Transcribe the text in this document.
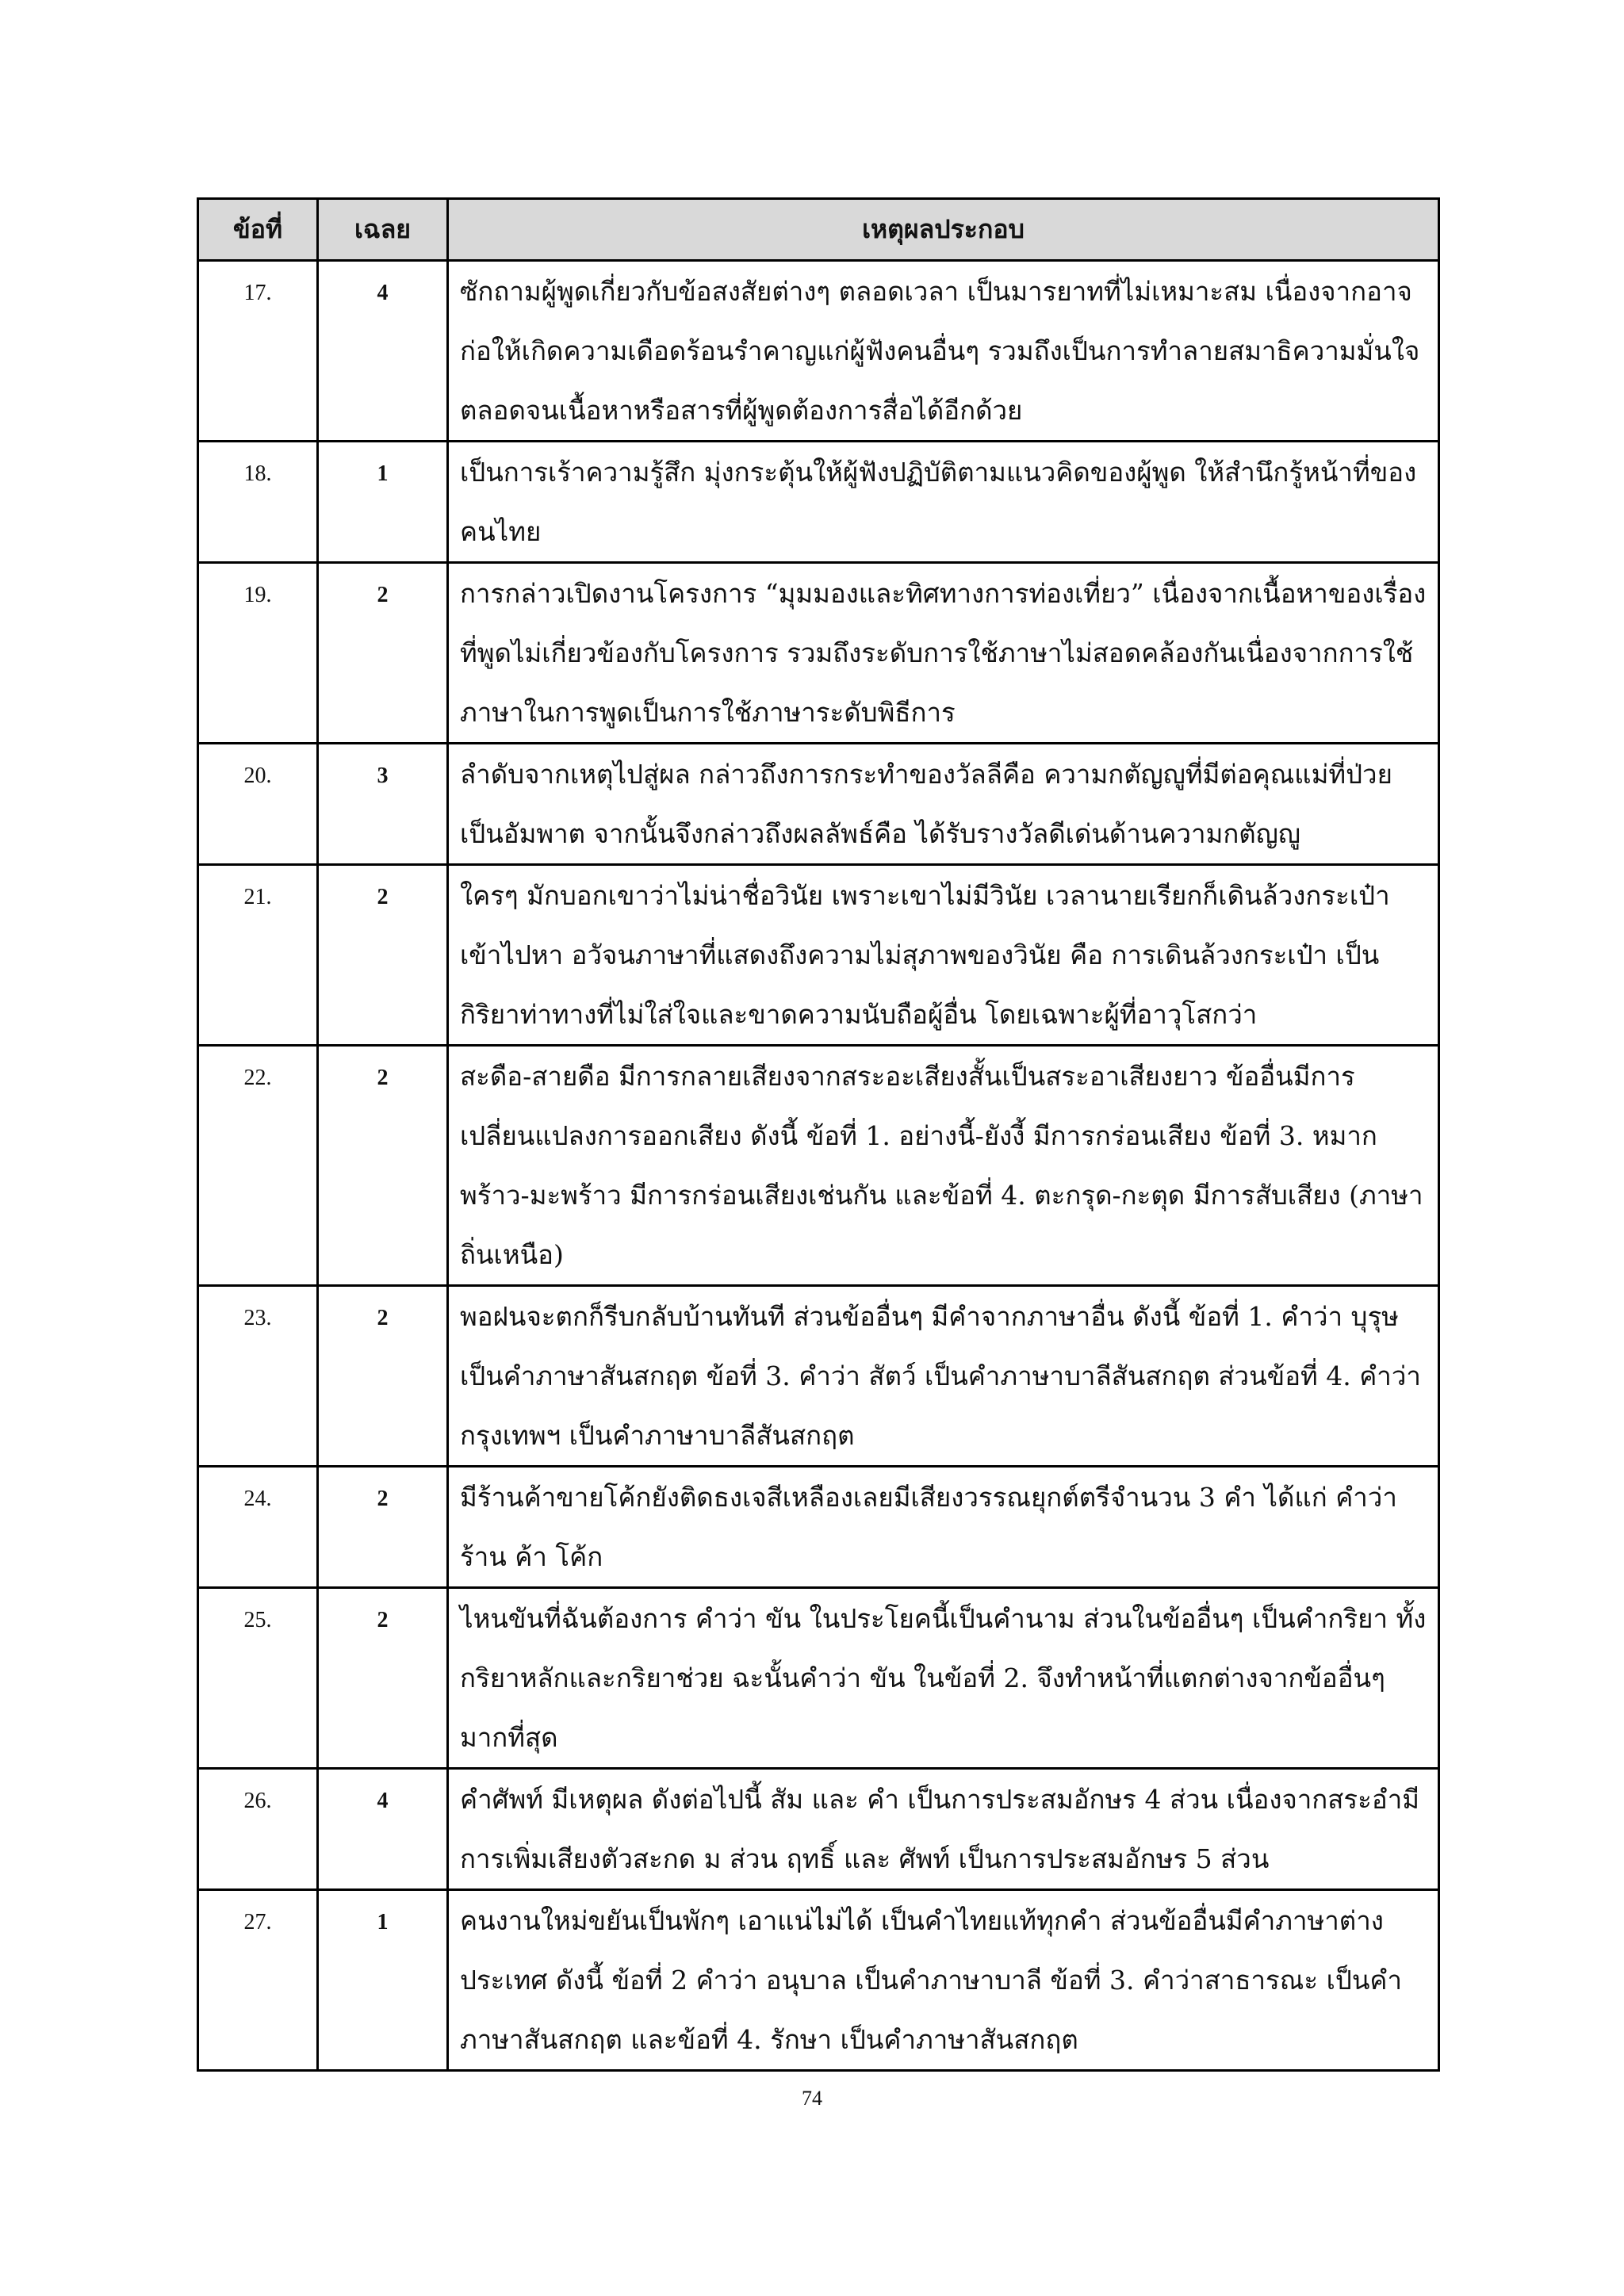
ข้อที่	เฉลย	เหตุผลประกอบ
17.	4	ซักถามผู้พูดเกี่ยวกับข้อสงสัยต่างๆ ตลอดเวลา เป็นมารยาทที่ไม่เหมาะสม เนื่องจากอาจก่อให้เกิดความเดือดร้อนรำคาญแก่ผู้ฟังคนอื่นๆ รวมถึงเป็นการทำลายสมาธิความมั่นใจ ตลอดจนเนื้อหาหรือสารที่ผู้พูดต้องการสื่อได้อีกด้วย
18.	1	เป็นการเร้าความรู้สึก มุ่งกระตุ้นให้ผู้ฟังปฏิบัติตามแนวคิดของผู้พูด ให้สำนึกรู้หน้าที่ของคนไทย
19.	2	การกล่าวเปิดงานโครงการ “มุมมองและทิศทางการท่องเที่ยว” เนื่องจากเนื้อหาของเรื่องที่พูดไม่เกี่ยวข้องกับโครงการ รวมถึงระดับการใช้ภาษาไม่สอดคล้องกันเนื่องจากการใช้ภาษาในการพูดเป็นการใช้ภาษาระดับพิธีการ
20.	3	ลำดับจากเหตุไปสู่ผล กล่าวถึงการกระทำของวัลลีคือ ความกตัญญูที่มีต่อคุณแม่ที่ป่วยเป็นอัมพาต จากนั้นจึงกล่าวถึงผลลัพธ์คือ ได้รับรางวัลดีเด่นด้านความกตัญญู
21.	2	ใครๆ มักบอกเขาว่าไม่น่าชื่อวินัย เพราะเขาไม่มีวินัย เวลานายเรียกก็เดินล้วงกระเป๋าเข้าไปหา อวัจนภาษาที่แสดงถึงความไม่สุภาพของวินัย คือ การเดินล้วงกระเป๋า เป็นกิริยาท่าทางที่ไม่ใส่ใจและขาดความนับถือผู้อื่น โดยเฉพาะผู้ที่อาวุโสกว่า
22.	2	สะดือ-สายดือ มีการกลายเสียงจากสระอะเสียงสั้นเป็นสระอาเสียงยาว ข้ออื่นมีการเปลี่ยนแปลงการออกเสียง ดังนี้ ข้อที่ 1. อย่างนี้-ยังงี้ มีการกร่อนเสียง ข้อที่ 3. หมากพร้าว-มะพร้าว มีการกร่อนเสียงเช่นกัน และข้อที่ 4. ตะกรุด-กะตุด มีการสับเสียง (ภาษาถิ่นเหนือ)
23.	2	พอฝนจะตกก็รีบกลับบ้านทันที ส่วนข้ออื่นๆ มีคำจากภาษาอื่น ดังนี้ ข้อที่ 1. คำว่า บุรุษ เป็นคำภาษาสันสกฤต ข้อที่ 3. คำว่า สัตว์ เป็นคำภาษาบาลีสันสกฤต ส่วนข้อที่ 4. คำว่า กรุงเทพฯ เป็นคำภาษาบาลีสันสกฤต
24.	2	มีร้านค้าขายโค้กยังติดธงเจสีเหลืองเลยมีเสียงวรรณยุกต์ตรีจำนวน 3 คำ ได้แก่ คำว่า ร้าน ค้า โค้ก
25.	2	ไหนขันที่ฉันต้องการ คำว่า ขัน ในประโยคนี้เป็นคำนาม ส่วนในข้ออื่นๆ เป็นคำกริยา ทั้งกริยาหลักและกริยาช่วย ฉะนั้นคำว่า ขัน ในข้อที่ 2. จึงทำหน้าที่แตกต่างจากข้ออื่นๆ มากที่สุด
26.	4	คำศัพท์ มีเหตุผล ดังต่อไปนี้ สัม และ คำ เป็นการประสมอักษร 4 ส่วน เนื่องจากสระอำมีการเพิ่มเสียงตัวสะกด ม ส่วน ฤทธิ์ และ ศัพท์ เป็นการประสมอักษร 5 ส่วน
27.	1	คนงานใหม่ขยันเป็นพักๆ เอาแน่ไม่ได้ เป็นคำไทยแท้ทุกคำ ส่วนข้ออื่นมีคำภาษาต่างประเทศ ดังนี้ ข้อที่ 2 คำว่า อนุบาล เป็นคำภาษาบาลี ข้อที่ 3. คำว่าสาธารณะ เป็นคำภาษาสันสกฤต และข้อที่ 4. รักษา เป็นคำภาษาสันสกฤต
74
